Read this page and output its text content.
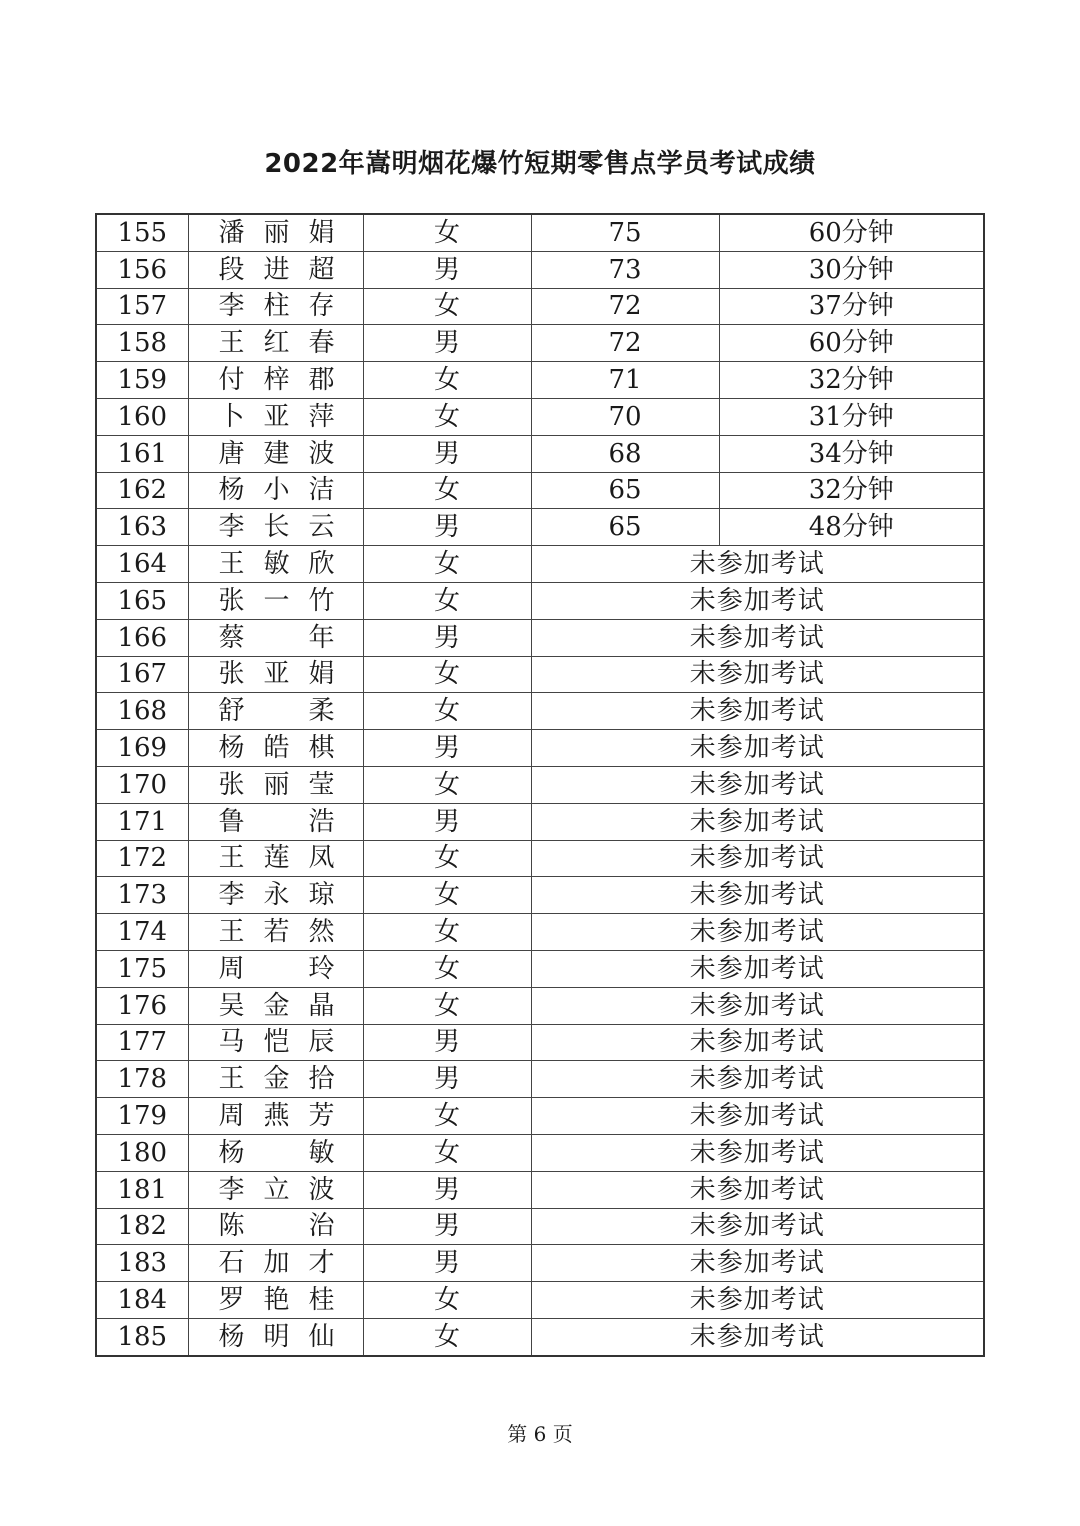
2022年嵩明烟花爆竹短期零售点学员考试成绩
155	潘 丽 娟	女	75	60分钟
156	段 进 超	男	73	30分钟
157	李 柱 存	女	72	37分钟
158	王 红 春	男	72	60分钟
159	付 梓 郡	女	71	32分钟
160	卜 亚 萍	女	70	31分钟
161	唐 建 波	男	68	34分钟
162	杨 小 洁	女	65	32分钟
163	李 长 云	男	65	48分钟
164	王 敏 欣	女	未参加考试	
165	张 一 竹	女	未参加考试	
166	蔡 年	男	未参加考试	
167	张 亚 娟	女	未参加考试	
168	舒 柔	女	未参加考试	
169	杨 皓 棋	男	未参加考试	
170	张 丽 莹	女	未参加考试	
171	鲁 浩	男	未参加考试	
172	王 莲 凤	女	未参加考试	
173	李 永 琼	女	未参加考试	
174	王 若 然	女	未参加考试	
175	周 玲	女	未参加考试	
176	吴 金 晶	女	未参加考试	
177	马 恺 辰	男	未参加考试	
178	王 金 拾	男	未参加考试	
179	周 燕 芳	女	未参加考试	
180	杨 敏	女	未参加考试	
181	李 立 波	男	未参加考试	
182	陈 治	男	未参加考试	
183	石 加 才	男	未参加考试	
184	罗 艳 桂	女	未参加考试	
185	杨 明 仙	女	未参加考试	
第 6 页
